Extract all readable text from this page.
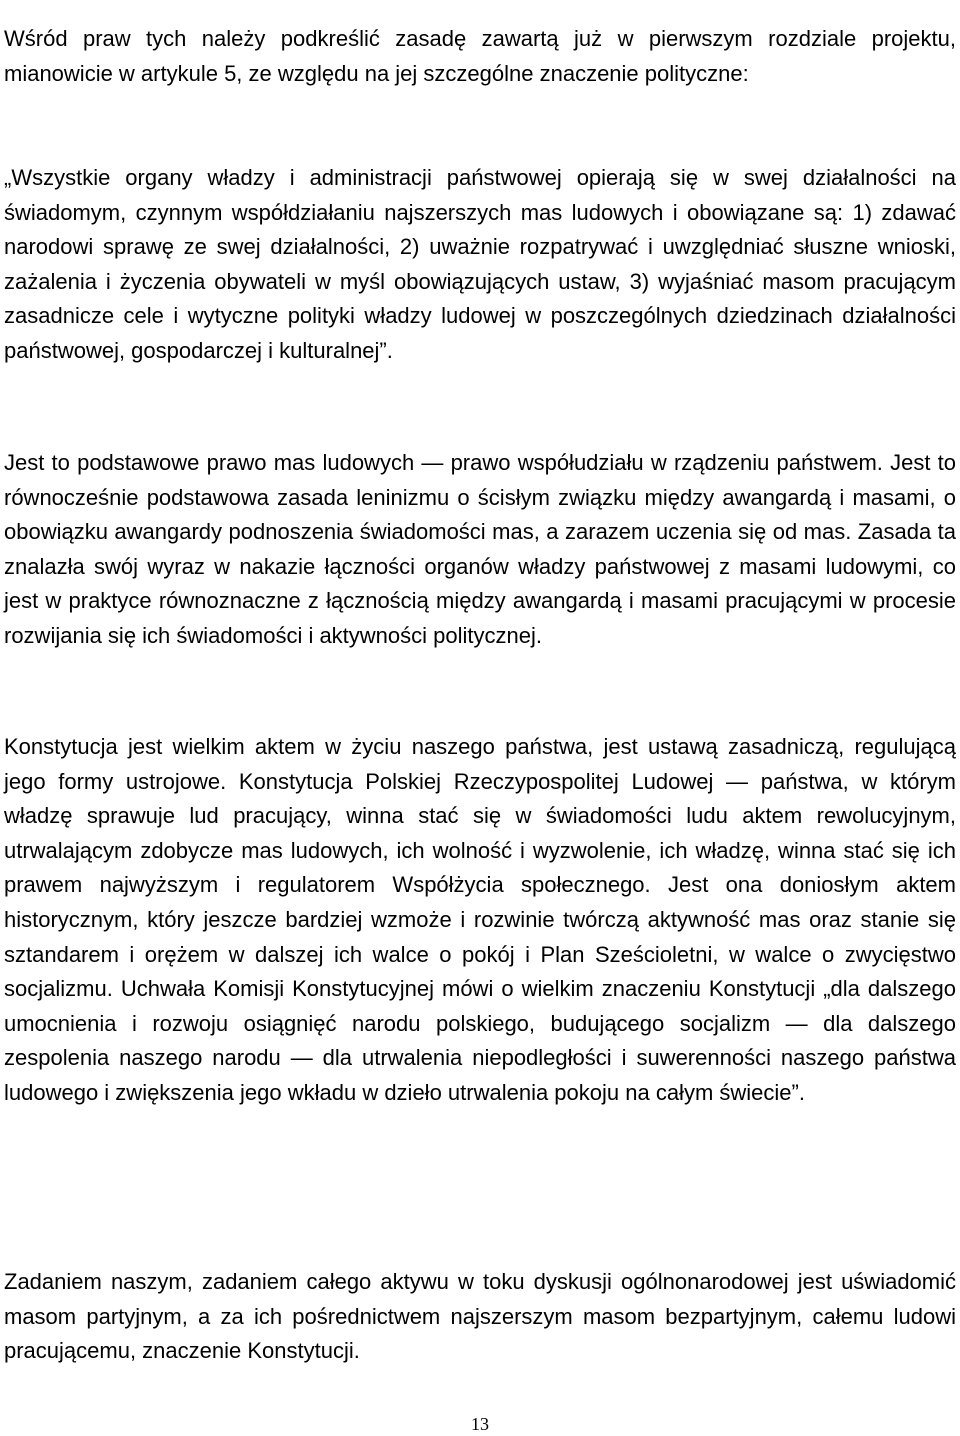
Wśród praw tych należy podkreślić zasadę zawartą już w pierwszym rozdziale projektu, mianowicie w artykule 5, ze względu na jej szczególne znaczenie polityczne:

„Wszystkie organy władzy i administracji państwowej opierają się w swej działalności na świadomym, czynnym współdziałaniu najszerszych mas ludowych i obowiązane są: 1) zdawać narodowi sprawę ze swej działalności, 2) uważnie rozpatrywać i uwzględniać słuszne wnioski, zażalenia i życzenia obywateli w myśl obowiązujących ustaw, 3) wyjaśniać masom pracującym zasadnicze cele i wytyczne polityki władzy ludowej w poszczególnych dziedzinach działalności państwowej, gospodarczej i kulturalnej”.

Jest to podstawowe prawo mas ludowych — prawo współudziału w rządzeniu państwem. Jest to równocześnie podstawowa zasada leninizmu o ścisłym związku między awangardą i masami, o obowiązku awangardy podnoszenia świadomości mas, a zarazem uczenia się od mas. Zasada ta znalazła swój wyraz w nakazie łączności organów władzy państwowej z masami ludowymi, co jest w praktyce równoznaczne z łącznością między awangardą i masami pracującymi w procesie rozwijania się ich świadomości i aktywności politycznej.

Konstytucja jest wielkim aktem w życiu naszego państwa, jest ustawą zasadniczą, regulującą jego formy ustrojowe. Konstytucja Polskiej Rzeczypospolitej Ludowej — państwa, w którym władzę sprawuje lud pracujący, winna stać się w świadomości ludu aktem rewolucyjnym, utrwalającym zdobycze mas ludowych, ich wolność i wyzwolenie, ich władzę, winna stać się ich prawem najwyższym i regulatorem Współżycia społecznego. Jest ona doniosłym aktem historycznym, który jeszcze bardziej wzmoże i rozwinie twórczą aktywność mas oraz stanie się sztandarem i orężem w dalszej ich walce o pokój i Plan Sześcioletni, w walce o zwycięstwo socjalizmu. Uchwała Komisji Konstytucyjnej mówi o wielkim znaczeniu Konstytucji „dla dalszego umocnienia i rozwoju osiągnięć narodu polskiego, budującego socjalizm — dla dalszego zespolenia naszego narodu — dla utrwalenia niepodległości i suwerenności naszego państwa ludowego i zwiększenia jego wkładu w dzieło utrwalenia pokoju na całym świecie”.

Zadaniem naszym, zadaniem całego aktywu w toku dyskusji ogólnonarodowej jest uświadomić masom partyjnym, a za ich pośrednictwem najszerszym masom bezpartyjnym, całemu ludowi pracującemu, znaczenie Konstytucji.

13
